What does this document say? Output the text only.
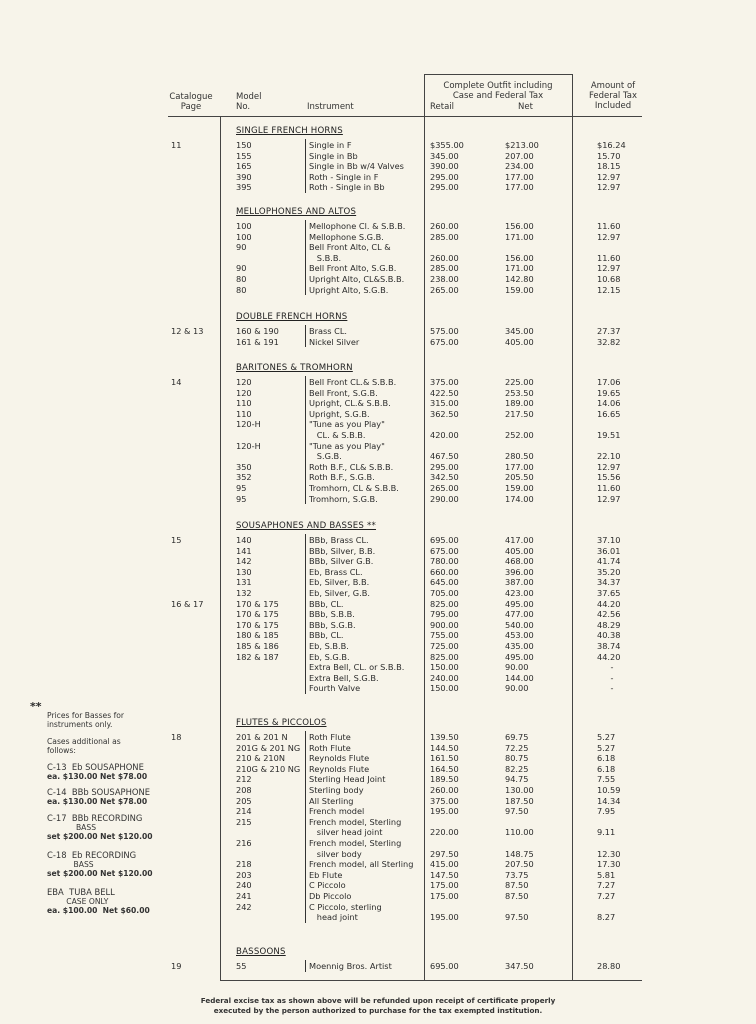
Catalogue
Page
Model
No.	Instrument
Complete Outfit including
Case and Federal Tax
Retail	Net
Amount of
Federal Tax
Included
SINGLE FRENCH HORNS
11	150	Single in F	$355.00	$213.00	$16.24
155	Single in Bb	345.00	207.00	15.70
165	Single in Bb w/4 Valves	390.00	234.00	18.15
390	Roth - Single in F	295.00	177.00	12.97
395	Roth - Single in Bb	295.00	177.00	12.97
MELLOPHONES AND ALTOS
100	Mellophone Cl. & S.B.B.	260.00	156.00	11.60
100	Mellophone S.G.B.	285.00	171.00	12.97
90	Bell Front Alto, CL &
S.B.B.	260.00	156.00	11.60
90	Bell Front Alto, S.G.B.	285.00	171.00	12.97
80	Upright Alto, CL&S.B.B.	238.00	142.80	10.68
80	Upright Alto, S.G.B.	265.00	159.00	12.15
DOUBLE FRENCH HORNS
12 & 13	160 & 190	Brass CL.	575.00	345.00	27.37
161 & 191	Nickel Silver	675.00	405.00	32.82
BARITONES & TROMHORN
14	120	Bell Front CL.& S.B.B.	375.00	225.00	17.06
120	Bell Front, S.G.B.	422.50	253.50	19.65
110	Upright, CL.& S.B.B.	315.00	189.00	14.06
110	Upright, S.G.B.	362.50	217.50	16.65
120-H	"Tune as you Play"
CL. & S.B.B.	420.00	252.00	19.51
120-H	"Tune as you Play"
S.G.B.	467.50	280.50	22.10
350	Roth B.F., CL& S.B.B.	295.00	177.00	12.97
352	Roth B.F., S.G.B.	342.50	205.50	15.56
95	Tromhorn, CL & S.B.B.	265.00	159.00	11.60
95	Tromhorn, S.G.B.	290.00	174.00	12.97
SOUSAPHONES AND BASSES **
15	140	BBb, Brass CL.	695.00	417.00	37.10
141	BBb, Silver, B.B.	675.00	405.00	36.01
142	BBb, Silver G.B.	780.00	468.00	41.74
130	Eb, Brass CL.	660.00	396.00	35.20
131	Eb, Silver, B.B.	645.00	387.00	34.37
132	Eb, Silver, G.B.	705.00	423.00	37.65
16 & 17	170 & 175	BBb, CL.	825.00	495.00	44.20
170 & 175	BBb, S.B.B.	795.00	477.00	42.56
170 & 175	BBb, S.G.B.	900.00	540.00	48.29
180 & 185	BBb, CL.	755.00	453.00	40.38
185 & 186	Eb, S.B.B.	725.00	435.00	38.74
182 & 187	Eb, S.G.B.	825.00	495.00	44.20
Extra Bell, CL. or S.B.B.	150.00	90.00	-
Extra Bell, S.G.B.	240.00	144.00	-
Fourth Valve	150.00	90.00	-
FLUTES & PICCOLOS
18	201 & 201 N	Roth Flute	139.50	69.75	5.27
201G & 201 NG Roth Flute	144.50	72.25	5.27
210 & 210N	Reynolds Flute	161.50	80.75	6.18
210G & 210 NG Reynolds Flute	164.50	82.25	6.18
212	Sterling Head Joint	189.50	94.75	7.55
208	Sterling body	260.00	130.00	10.59
205	All Sterling	375.00	187.50	14.34
214	French model	195.00	97.50	7.95
215	French model, Sterling
silver head joint	220.00	110.00	9.11
216	French model, Sterling
silver body	297.50	148.75	12.30
218	French model, all Sterling 415.00	207.50	17.30
203	Eb Flute	147.50	73.75	5.81
240	C Piccolo	175.00	87.50	7.27
241	Db Piccolo	175.00	87.50	7.27
242	C Piccolo, sterling
head joint	195.00	97.50	8.27
BASSOONS
19	55	Moennig Bros. Artist	695.00	347.50	28.80
**
Prices for Basses for
instruments only.
Cases additional as
follows:
C-13  Eb SOUSAPHONE
ea. $130.00 Net $78.00
C-14  BBb SOUSAPHONE
ea. $130.00 Net $78.00
C-17  BBb RECORDING
BASS
set $200.00 Net $120.00
C-18  Eb RECORDING
BASS
set $200.00 Net $120.00
EBA  TUBA BELL
CASE ONLY
ea. $100.00  Net $60.00
Federal excise tax as shown above will be refunded upon receipt of certificate properly
executed by the person authorized to purchase for the tax exempted institution.
